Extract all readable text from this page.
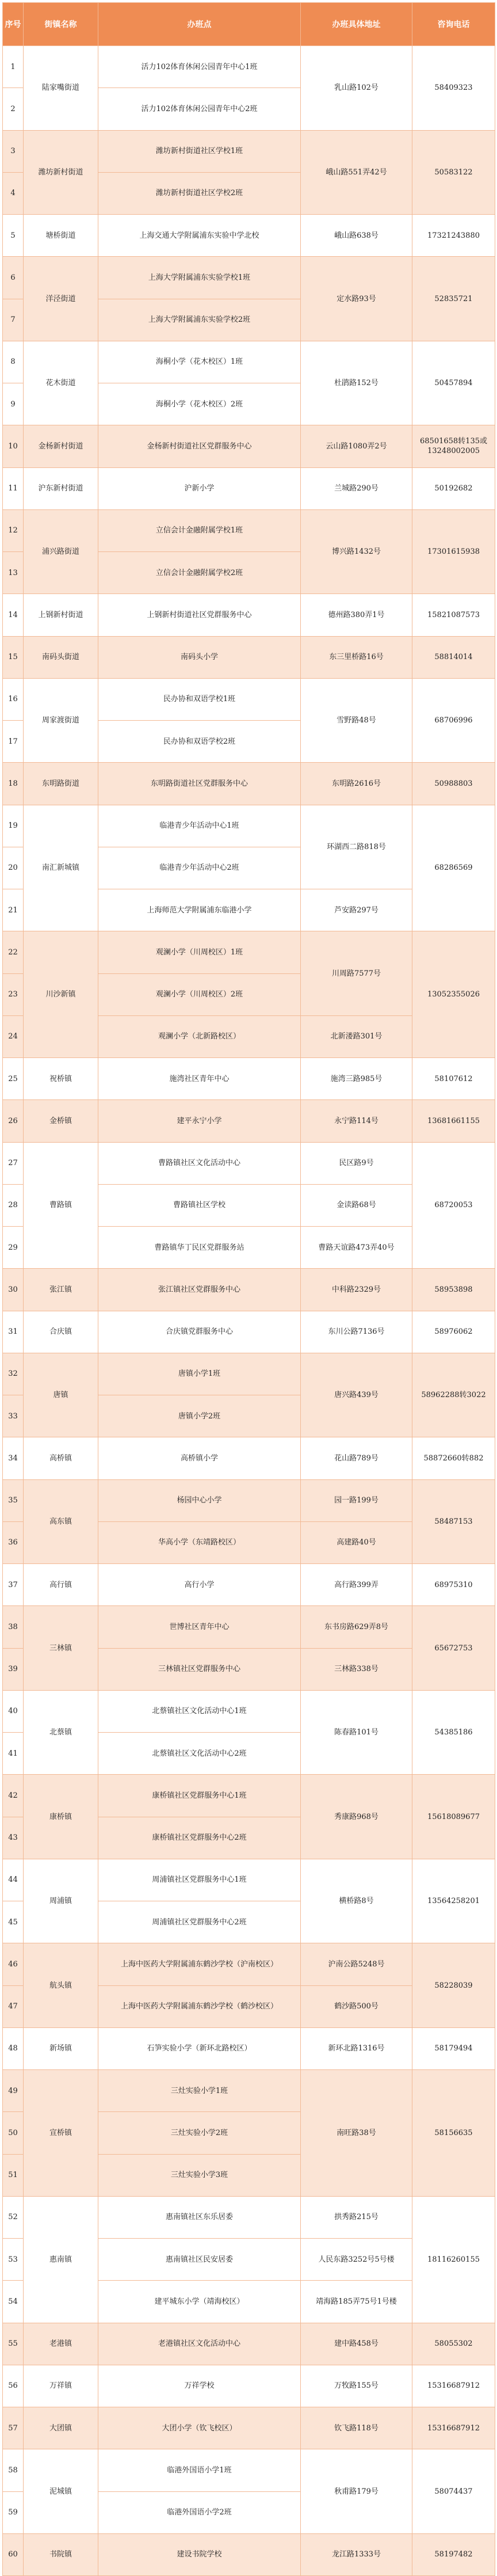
序号	街镇名称	办班点	办班具体地址	咨询电话
1	陆家嘴街道	活力102体育休闲公园青年中心1班	乳山路102号	58409323
2		活力102体育休闲公园青年中心2班		
3	潍坊新村街道	潍坊新村街道社区学校1班	峨山路551弄42号	50583122
4		潍坊新村街道社区学校2班		
5	塘桥街道	上海交通大学附属浦东实验中学北校	峨山路638号	17321243880
6	洋泾街道	上海大学附属浦东实验学校1班	定水路93号	52835721
7		上海大学附属浦东实验学校2班		
8	花木街道	海桐小学（花木校区）1班	杜鹃路152号	50457894
9		海桐小学（花木校区）2班		
10	金杨新村街道	金杨新村街道社区党群服务中心	云山路1080弄2号	68501658转135或13248002005
11	沪东新村街道	沪新小学	兰城路290号	50192682
12	浦兴路街道	立信会计金融附属学校1班	博兴路1432号	17301615938
13		立信会计金融附属学校2班		
14	上钢新村街道	上钢新村街道社区党群服务中心	德州路380弄1号	15821087573
15	南码头街道	南码头小学	东三里桥路16号	58814014
16	周家渡街道	民办协和双语学校1班	雪野路48号	68706996
17		民办协和双语学校2班		
18	东明路街道	东明路街道社区党群服务中心	东明路2616号	50988803
19	南汇新城镇	临港青少年活动中心1班	环湖西二路818号	68286569
20		临港青少年活动中心2班		
21		上海师范大学附属浦东临港小学	芦安路297号	
22	川沙新镇	观澜小学（川周校区）1班	川周路7577号	13052355026
23		观澜小学（川周校区）2班		
24		观澜小学（北新路校区）	北新溇路301号	
25	祝桥镇	施湾社区青年中心	施湾三路985号	58107612
26	金桥镇	建平永宁小学	永宁路114号	13681661155
27	曹路镇	曹路镇社区文化活动中心	民区路9号	68720053
28		曹路镇社区学校	金读路68号	
29		曹路镇华丁民区党群服务站	曹路天谊路473弄40号	
30	张江镇	张江镇社区党群服务中心	中科路2329号	58953898
31	合庆镇	合庆镇党群服务中心	东川公路7136号	58976062
32	唐镇	唐镇小学1班	唐兴路439号	58962288转3022
33		唐镇小学2班		
34	高桥镇	高桥镇小学	花山路789号	58872660转882
35	高东镇	杨园中心小学	园一路199号	58487153
36		华高小学（东靖路校区）	高建路40号	
37	高行镇	高行小学	高行路399弄	68975310
38	三林镇	世博社区青年中心	东书房路629弄8号	65672753
39		三林镇社区党群服务中心	三林路338号	
40	北蔡镇	北蔡镇社区文化活动中心1班	陈春路101号	54385186
41		北蔡镇社区文化活动中心2班		
42	康桥镇	康桥镇社区党群服务中心1班	秀康路968号	15618089677
43		康桥镇社区党群服务中心2班		
44	周浦镇	周浦镇社区党群服务中心1班	横桥路8号	13564258201
45		周浦镇社区党群服务中心2班		
46	航头镇	上海中医药大学附属浦东鹤沙学校（沪南校区）	沪南公路5248号	58228039
47		上海中医药大学附属浦东鹤沙学校（鹤沙校区）	鹤沙路500号	
48	新场镇	石笋实验小学（新环北路校区）	新环北路1316号	58179494
49	宣桥镇	三灶实验小学1班	南旺路38号	58156635
50		三灶实验小学2班		
51		三灶实验小学3班		
52	惠南镇	惠南镇社区东乐居委	拱秀路215号	18116260155
53		惠南镇社区民安居委	人民东路3252号5号楼	
54		建平城东小学（靖海校区）	靖海路185弄75号1号楼	
55	老港镇	老港镇社区文化活动中心	建中路458号	58055302
56	万祥镇	万祥学校	万牧路155号	15316687912
57	大团镇	大团小学（钦飞校区）	钦飞路118号	15316687912
58	泥城镇	临港外国语小学1班	秋甫路179号	58074437
59		临港外国语小学2班		
60	书院镇	建设书院学校	龙江路1333号	58197482
